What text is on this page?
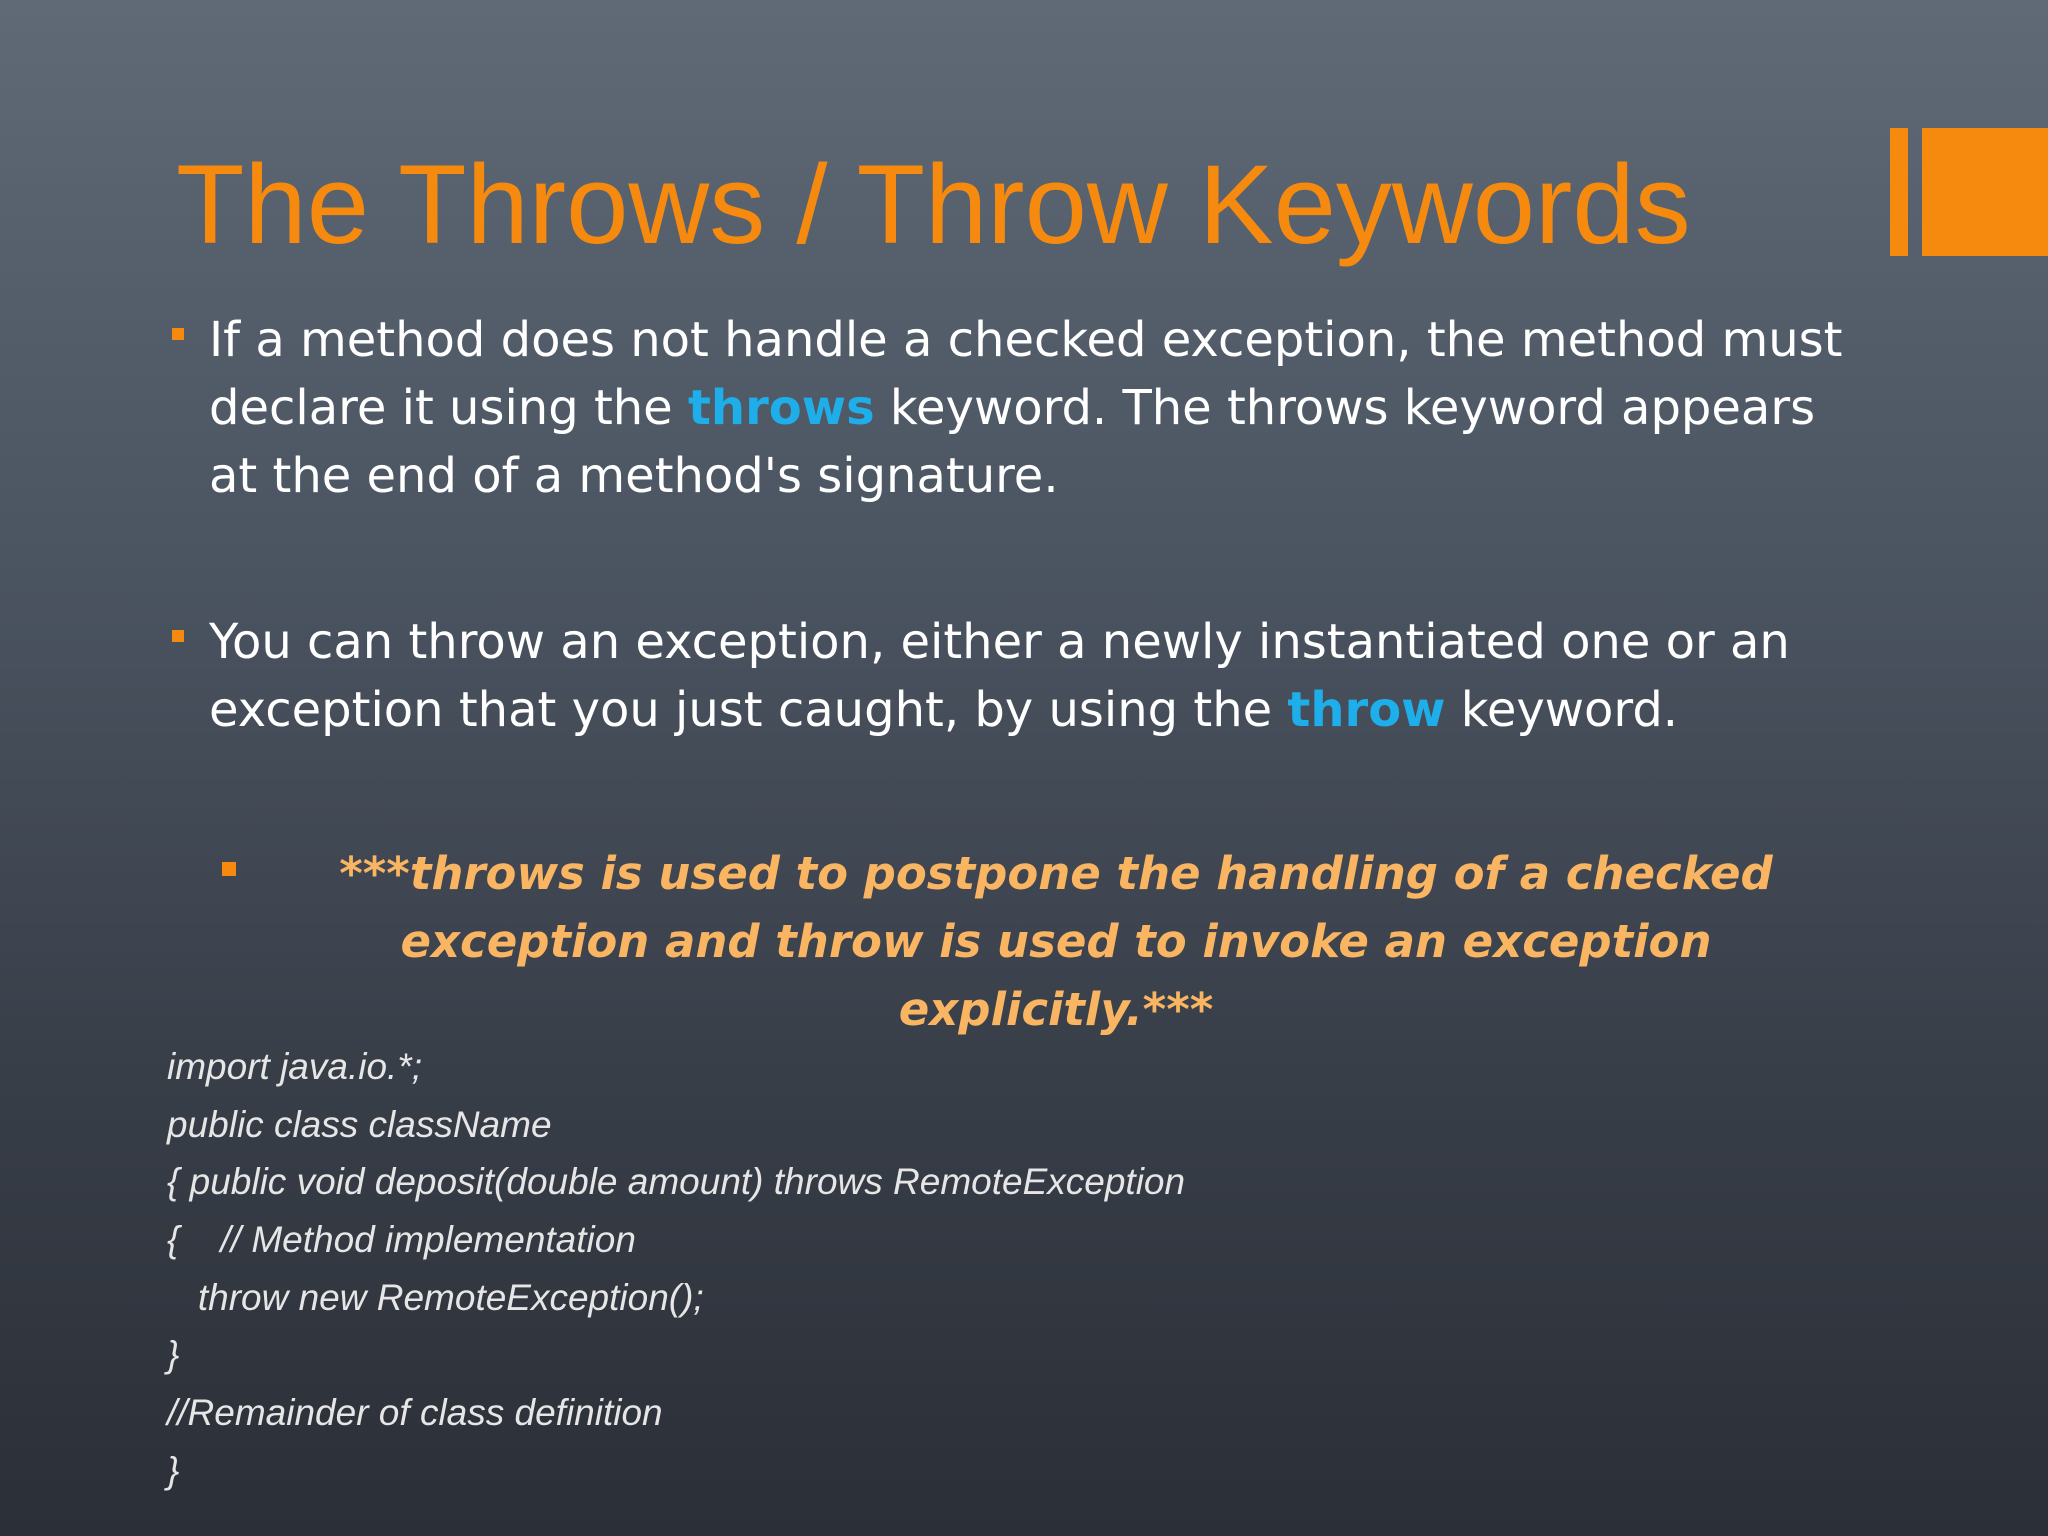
The Throws / Throw Keywords
If a method does not handle a checked exception, the method must declare it using the throws keyword. The throws keyword appears at the end of a method's signature.
You can throw an exception, either a newly instantiated one or an exception that you just caught, by using the throw keyword.
***throws is used to postpone the handling of a checked exception and throw is used to invoke an exception explicitly.***
import java.io.*;
public class className
{ public void deposit(double amount) throws RemoteException
{    // Method implementation
throw new RemoteException();
}
//Remainder of class definition
}
